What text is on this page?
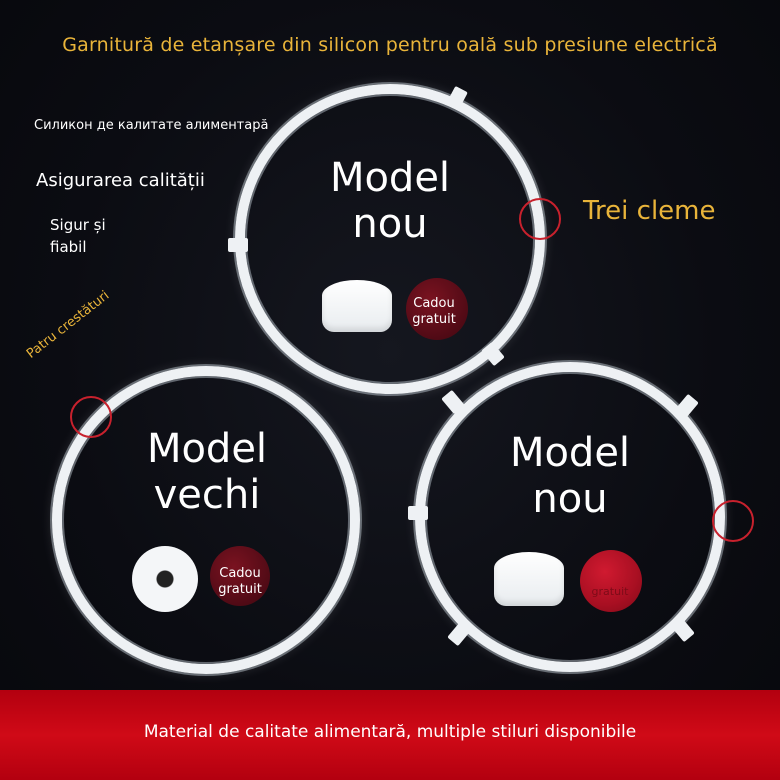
Garnitură de etanșare din silicon pentru oală sub presiune electrică
Силикон де калитате алиментарă
Asigurarea calității
Sigur și
fiabil
Trei cleme
Patru crestături
Model
nou
Cadou
gratuit
Model
vechi
Cadou
gratuit
Model
nou
gratuit
Material de calitate alimentară, multiple stiluri disponibile
